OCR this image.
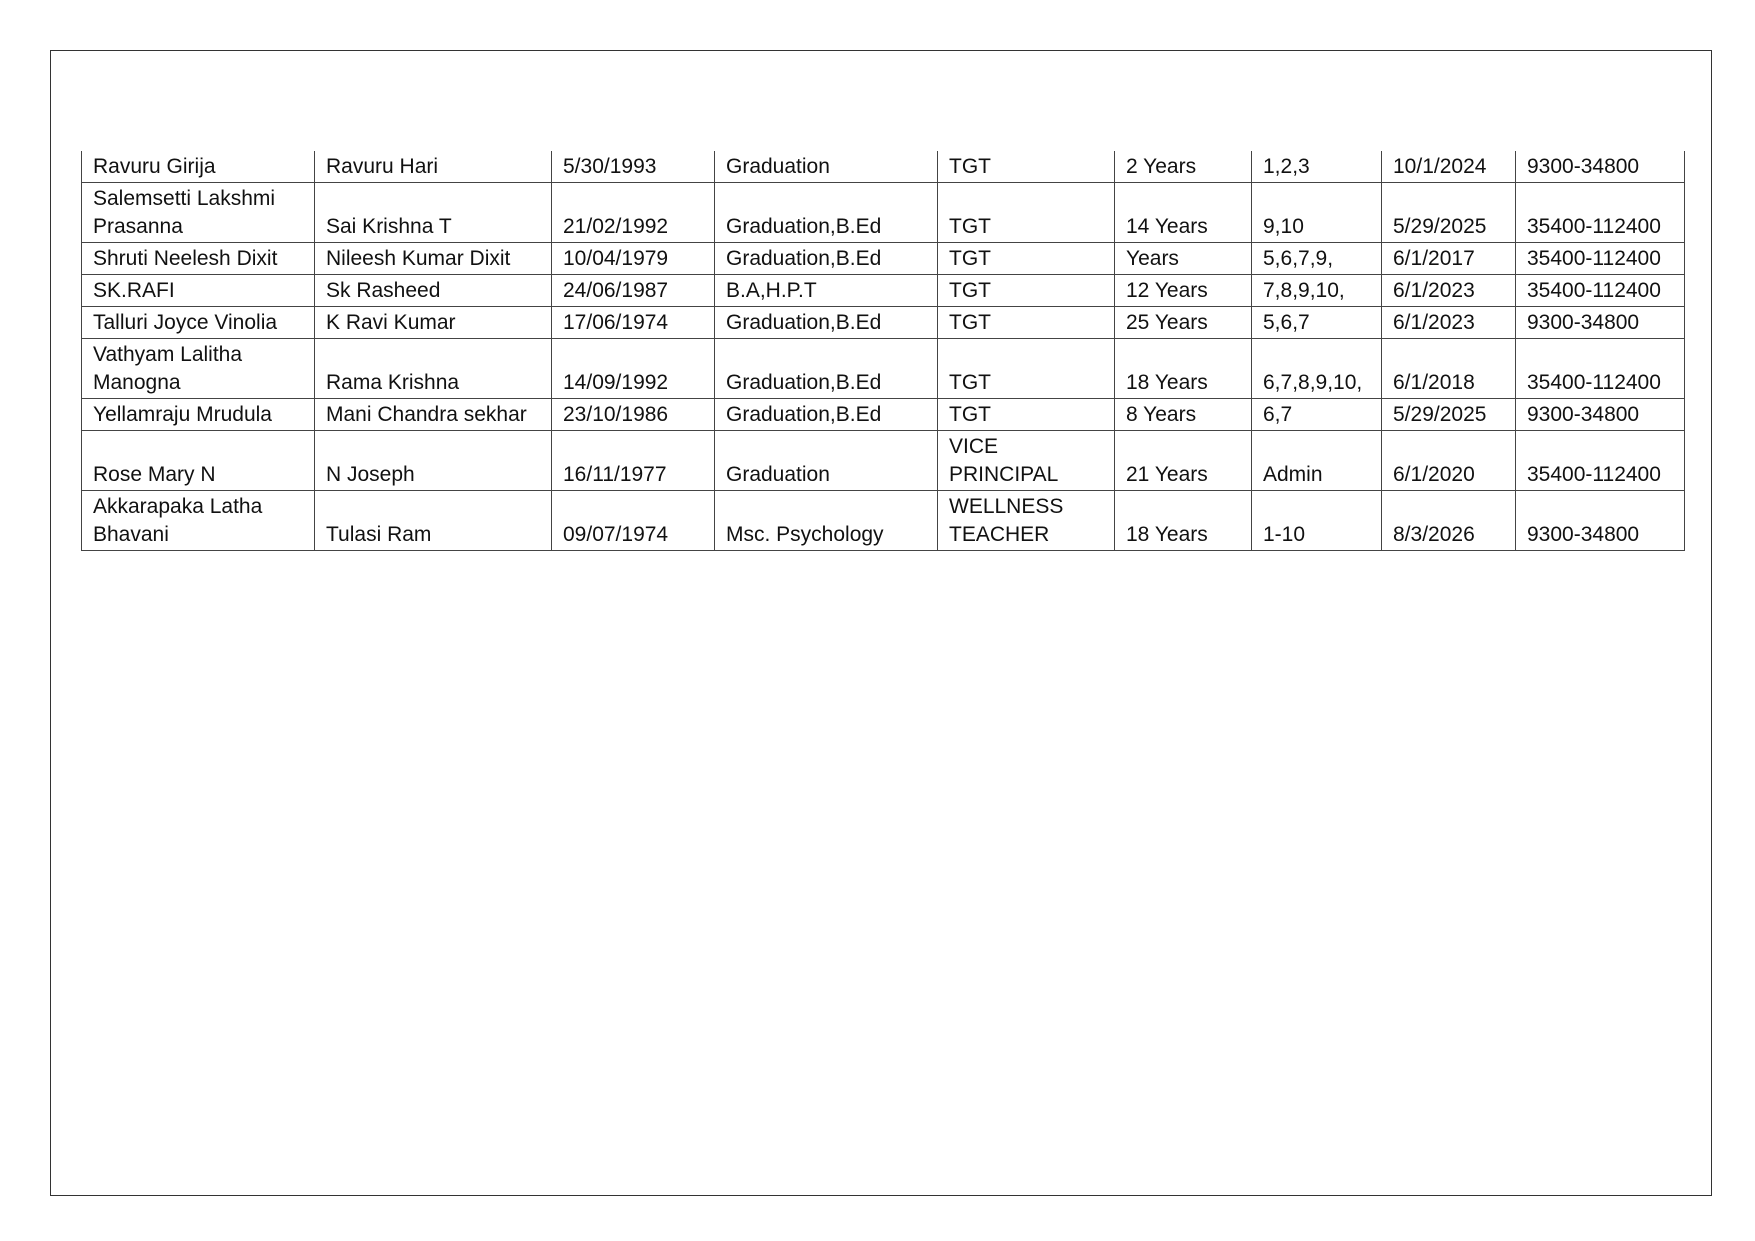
Ravuru Girija	Ravuru Hari	5/30/1993	Graduation	TGT	2 Years	1,2,3	10/1/2024	9300-34800
Salemsetti Lakshmi Prasanna	Sai Krishna T	21/02/1992	Graduation,B.Ed	TGT	14 Years	9,10	5/29/2025	35400-112400
Shruti Neelesh Dixit	Nileesh Kumar Dixit	10/04/1979	Graduation,B.Ed	TGT	Years	5,6,7,9,	6/1/2017	35400-112400
SK.RAFI	Sk Rasheed	24/06/1987	B.A,H.P.T	TGT	12 Years	7,8,9,10,	6/1/2023	35400-112400
Talluri Joyce Vinolia	K Ravi Kumar	17/06/1974	Graduation,B.Ed	TGT	25 Years	5,6,7	6/1/2023	9300-34800
Vathyam Lalitha Manogna	Rama Krishna	14/09/1992	Graduation,B.Ed	TGT	18 Years	6,7,8,9,10,	6/1/2018	35400-112400
Yellamraju Mrudula	Mani Chandra sekhar	23/10/1986	Graduation,B.Ed	TGT	8 Years	6,7	5/29/2025	9300-34800
Rose Mary N	N Joseph	16/11/1977	Graduation	VICE PRINCIPAL	21 Years	Admin	6/1/2020	35400-112400
Akkarapaka Latha Bhavani	Tulasi Ram	09/07/1974	Msc. Psychology	WELLNESS TEACHER	18 Years	1-10	8/3/2026	9300-34800
